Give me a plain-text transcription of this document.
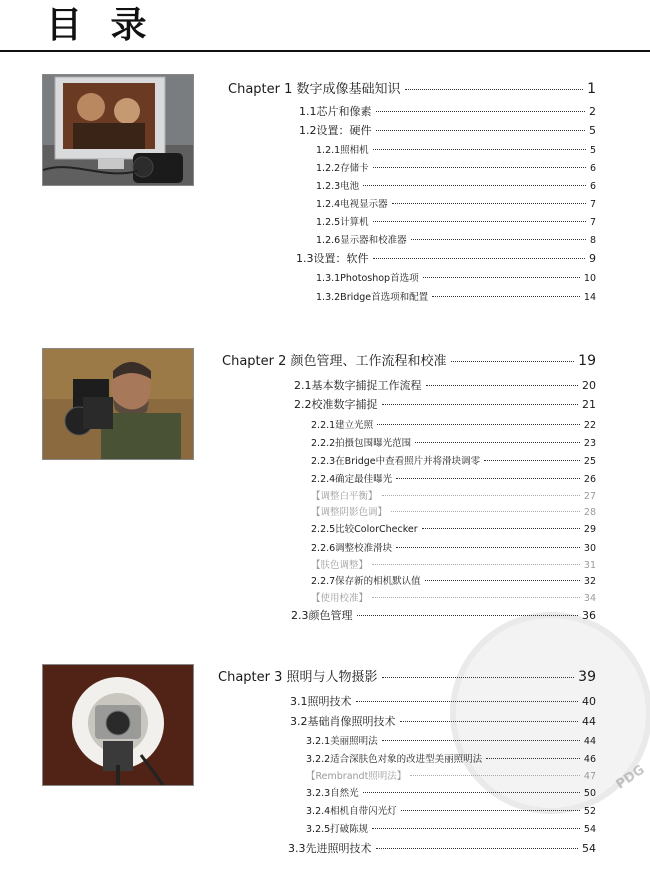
目 录
PDG
Chapter 1 数字成像基础知识	1
1.1芯片和像素	2
1.2设置：硬件	5
1.2.1照相机	5
1.2.2存储卡	6
1.2.3电池	6
1.2.4电视显示器	7
1.2.5计算机	7
1.2.6显示器和校准器	8
1.3设置：软件	9
1.3.1Photoshop首选项	10
1.3.2Bridge首选项和配置	14
Chapter 2 颜色管理、工作流程和校准	19
2.1基本数字捕捉工作流程	20
2.2校准数字捕捉	21
2.2.1建立光照	22
2.2.2拍摄包围曝光范围	23
2.2.3在Bridge中查看照片并将滑块调零	25
2.2.4确定最佳曝光	26
【调整白平衡】	27
【调整阴影色调】	28
2.2.5比较ColorChecker	29
2.2.6调整校准滑块	30
【肤色调整】	31
2.2.7保存新的相机默认值	32
【使用校准】	34
2.3颜色管理	36
Chapter 3 照明与人物摄影	39
3.1照明技术	40
3.2基础肖像照明技术	44
3.2.1美丽照明法	44
3.2.2适合深肤色对象的改进型美丽照明法	46
【Rembrandt照明法】	47
3.2.3自然光	50
3.2.4相机自带闪光灯	52
3.2.5打破陈规	54
3.3先进照明技术	54
